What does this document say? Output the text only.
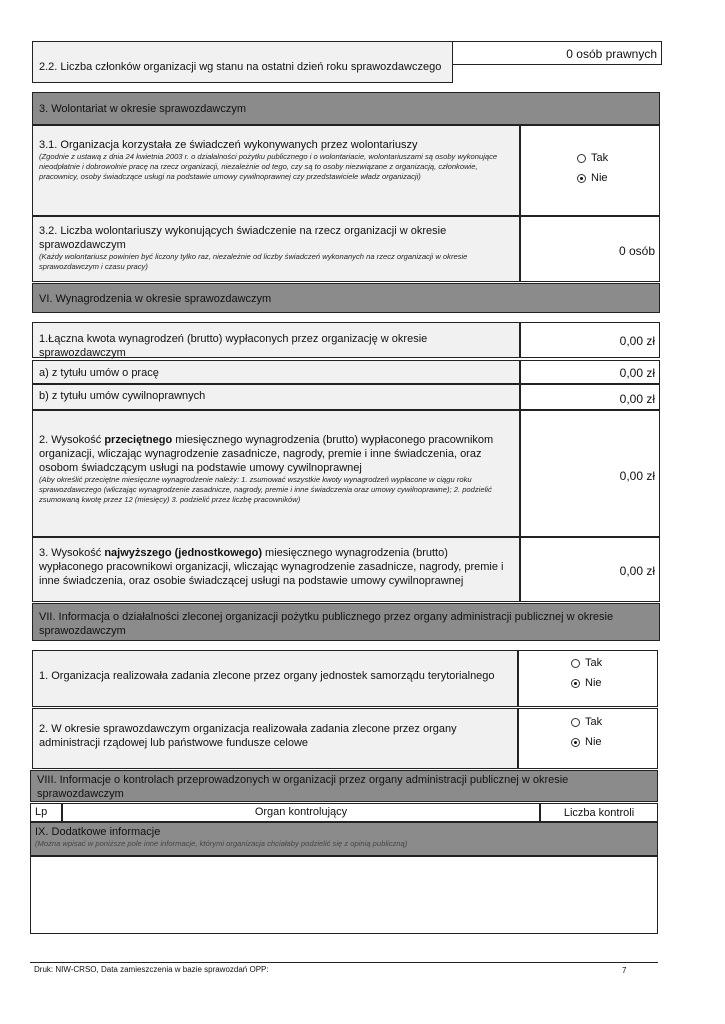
2.2. Liczba członków organizacji wg stanu na ostatni dzień roku sprawozdawczego
0 osób prawnych
3. Wolontariat w okresie sprawozdawczym
3.1. Organizacja korzystała ze świadczeń wykonywanych przez wolontariuszy
(Zgodnie z ustawą z dnia 24 kwietnia 2003 r. o działalności pożytku publicznego i o wolontariacie, wolontariuszami są osoby wykonujące nieodpłatnie i dobrowolnie pracę na rzecz organizacji, niezależnie od tego, czy są to osoby niezwiązane z organizacją, członkowie, pracownicy, osoby świadczące usługi na podstawie umowy cywilnoprawnej czy przedstawiciele władz organizacji)
Tak
Nie
3.2. Liczba wolontariuszy wykonujących świadczenie na rzecz organizacji w okresie sprawozdawczym
(Każdy wolontariusz powinien być liczony tylko raz, niezależnie od liczby świadczeń wykonanych na rzecz organizacji w okresie sprawozdawczym i czasu pracy)
0 osób
VI. Wynagrodzenia w okresie sprawozdawczym
1.Łączna kwota wynagrodzeń (brutto) wypłaconych przez organizację w okresie sprawozdawczym
0,00 zł
a) z tytułu umów o pracę	0,00 zł
b) z tytułu umów cywilnoprawnych	0,00 zł
2. Wysokość przeciętnego miesięcznego wynagrodzenia (brutto) wypłaconego pracownikom organizacji, wliczając wynagrodzenie zasadnicze, nagrody, premie i inne świadczenia, oraz osobom świadczącym usługi na podstawie umowy cywilnoprawnej
(Aby określić przeciętne miesięczne wynagrodzenie należy: 1. zsumować wszystkie kwoty wynagrodzeń wypłacone w ciągu roku sprawozdawczego (wliczając wynagrodzenie zasadnicze, nagrody, premie i inne świadczenia oraz umowy cywilnoprawne); 2. podzielić zsumowaną kwotę przez 12 (miesięcy) 3. podzielić przez liczbę pracowników)
0,00 zł
3. Wysokość najwyższego (jednostkowego) miesięcznego wynagrodzenia (brutto) wypłaconego pracownikowi organizacji, wliczając wynagrodzenie zasadnicze, nagrody, premie i inne świadczenia, oraz osobie świadczącej usługi na podstawie umowy cywilnoprawnej
0,00 zł
VII. Informacja o działalności zleconej organizacji pożytku publicznego przez organy administracji publicznej w okresie sprawozdawczym
1. Organizacja realizowała zadania zlecone przez organy jednostek samorządu terytorialnego
Tak
Nie
2. W okresie sprawozdawczym organizacja realizowała zadania zlecone przez organy administracji rządowej lub państwowe fundusze celowe
Tak
Nie
VIII. Informacje o kontrolach przeprowadzonych w organizacji przez organy administracji publicznej w okresie sprawozdawczym
Lp	Organ kontrolujący	Liczba kontroli
IX. Dodatkowe informacje
(Można wpisać w poniższe pole inne informacje, którymi organizacja chciałaby podzielić się z opinią publiczną)
Druk: NIW-CRSO, Data zamieszczenia w bazie sprawozdań OPP:	7
